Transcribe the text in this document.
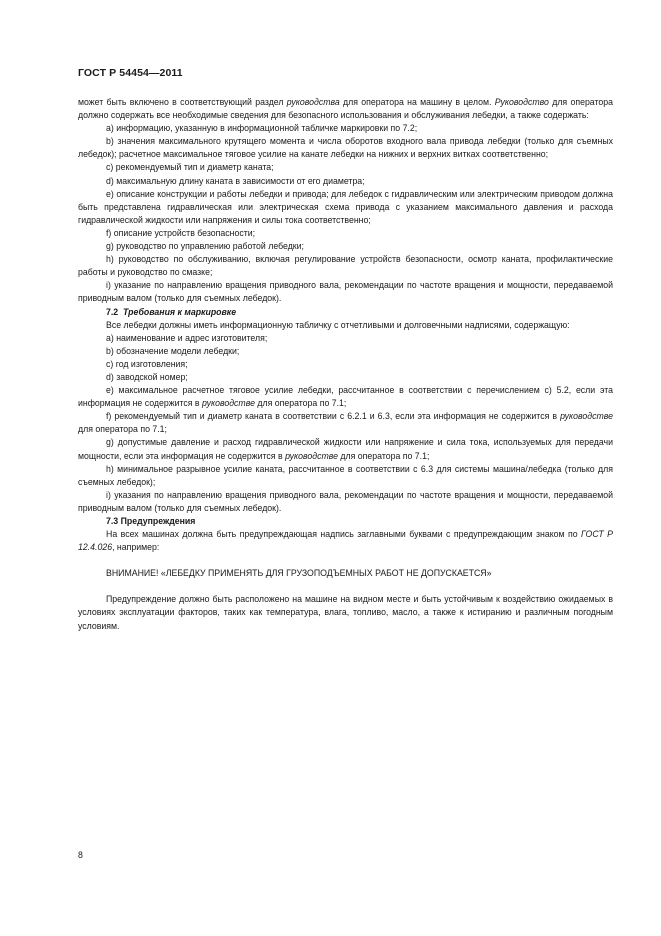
ГОСТ Р 54454—2011

может быть включено в соответствующий раздел руководства для оператора на машину в целом. Руководство для оператора должно содержать все необходимые сведения для безопасного использования и обслуживания лебедки, а также содержать:

a) информацию, указанную в информационной табличке маркировки по 7.2;

b) значения максимального крутящего момента и числа оборотов входного вала привода лебедки (только для съемных лебедок); расчетное максимальное тяговое усилие на канате лебедки на нижних и верхних витках соответственно;

c) рекомендуемый тип и диаметр каната;

d) максимальную длину каната в зависимости от его диаметра;

e) описание конструкции и работы лебедки и привода; для лебедок с гидравлическим или электрическим приводом должна быть представлена гидравлическая или электрическая схема привода с указанием максимального давления и расхода гидравлической жидкости или напряжения и силы тока соответственно;

f) описание устройств безопасности;

g) руководство по управлению работой лебедки;

h) руководство по обслуживанию, включая регулирование устройств безопасности, осмотр каната, профилактические работы и руководство по смазке;

i) указание по направлению вращения приводного вала, рекомендации по частоте вращения и мощности, передаваемой приводным валом (только для съемных лебедок).

7.2 Требования к маркировке

Все лебедки должны иметь информационную табличку с отчетливыми и долговечными надписями, содержащую:

a) наименование и адрес изготовителя;

b) обозначение модели лебедки;

c) год изготовления;

d) заводской номер;

e) максимальное расчетное тяговое усилие лебедки, рассчитанное в соответствии с перечислением c) 5.2, если эта информация не содержится в руководстве для оператора по 7.1;

f) рекомендуемый тип и диаметр каната в соответствии с 6.2.1 и 6.3, если эта информация не содержится в руководстве для оператора по 7.1;

g) допустимые давление и расход гидравлической жидкости или напряжение и сила тока, используемых для передачи мощности, если эта информация не содержится в руководстве для оператора по 7.1;

h) минимальное разрывное усилие каната, рассчитанное в соответствии с 6.3 для системы машина/лебедка (только для съемных лебедок);

i) указания по направлению вращения приводного вала, рекомендации по частоте вращения и мощности, передаваемой приводным валом (только для съемных лебедок).

7.3 Предупреждения

На всех машинах должна быть предупреждающая надпись заглавными буквами с предупреждающим знаком по ГОСТ Р 12.4.026, например:

ВНИМАНИЕ! «ЛЕБЕДКУ ПРИМЕНЯТЬ ДЛЯ ГРУЗОПОДЪЕМНЫХ РАБОТ НЕ ДОПУСКАЕТСЯ»

Предупреждение должно быть расположено на машине на видном месте и быть устойчивым к воздействию ожидаемых в условиях эксплуатации факторов, таких как температура, влага, топливо, масло, а также к истиранию и различным погодным условиям.

8
